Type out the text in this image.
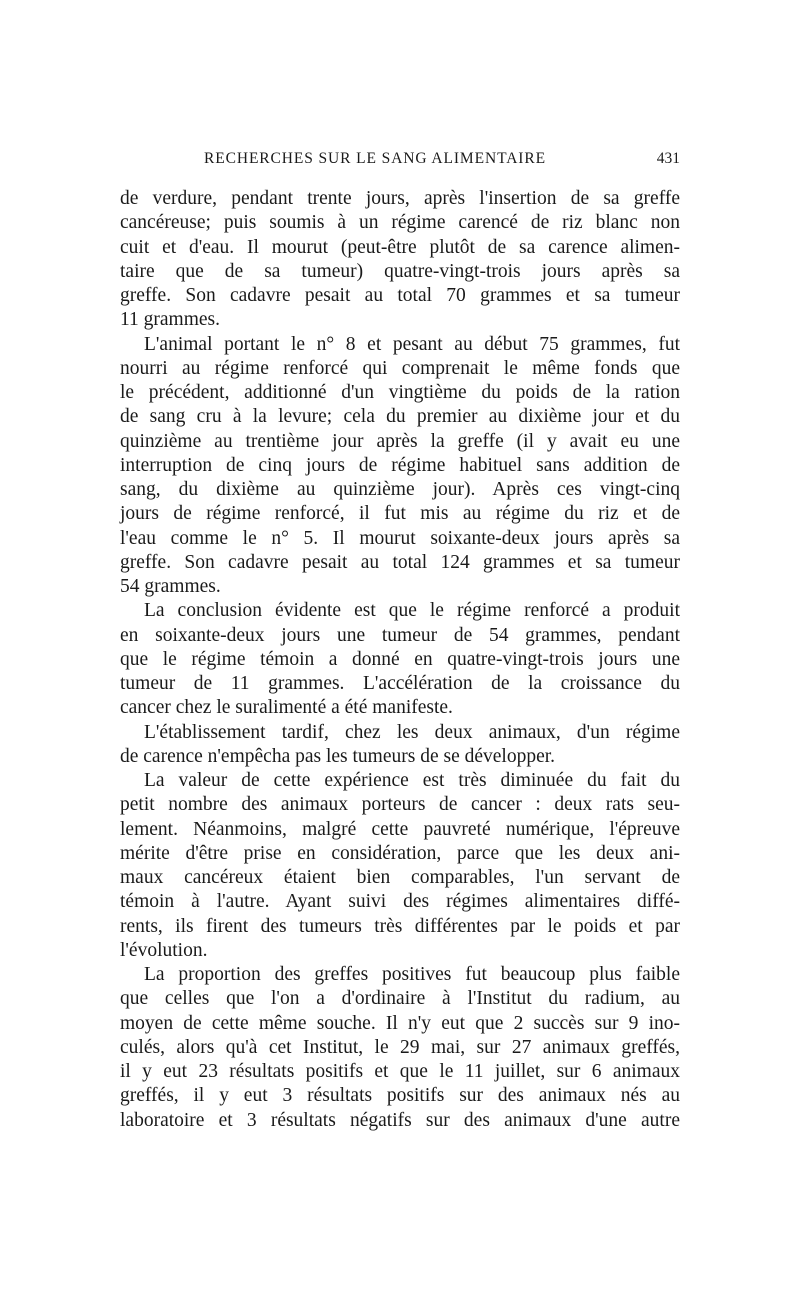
RECHERCHES SUR LE SANG ALIMENTAIRE	431
de verdure, pendant trente jours, après l'insertion de sa greffe
cancéreuse; puis soumis à un régime carencé de riz blanc non
cuit et d'eau. Il mourut (peut-être plutôt de sa carence alimen-
taire que de sa tumeur) quatre-vingt-trois jours après sa
greffe. Son cadavre pesait au total 70 grammes et sa tumeur
11 grammes.
L'animal portant le n° 8 et pesant au début 75 grammes, fut
nourri au régime renforcé qui comprenait le même fonds que
le précédent, additionné d'un vingtième du poids de la ration
de sang cru à la levure; cela du premier au dixième jour et du
quinzième au trentième jour après la greffe (il y avait eu une
interruption de cinq jours de régime habituel sans addition de
sang, du dixième au quinzième jour). Après ces vingt-cinq
jours de régime renforcé, il fut mis au régime du riz et de
l'eau comme le n° 5. Il mourut soixante-deux jours après sa
greffe. Son cadavre pesait au total 124 grammes et sa tumeur
54 grammes.
La conclusion évidente est que le régime renforcé a produit
en soixante-deux jours une tumeur de 54 grammes, pendant
que le régime témoin a donné en quatre-vingt-trois jours une
tumeur de 11 grammes. L'accélération de la croissance du
cancer chez le suralimenté a été manifeste.
L'établissement tardif, chez les deux animaux, d'un régime
de carence n'empêcha pas les tumeurs de se développer.
La valeur de cette expérience est très diminuée du fait du
petit nombre des animaux porteurs de cancer : deux rats seu-
lement. Néanmoins, malgré cette pauvreté numérique, l'épreuve
mérite d'être prise en considération, parce que les deux ani-
maux cancéreux étaient bien comparables, l'un servant de
témoin à l'autre. Ayant suivi des régimes alimentaires diffé-
rents, ils firent des tumeurs très différentes par le poids et par
l'évolution.
La proportion des greffes positives fut beaucoup plus faible
que celles que l'on a d'ordinaire à l'Institut du radium, au
moyen de cette même souche. Il n'y eut que 2 succès sur 9 ino-
culés, alors qu'à cet Institut, le 29 mai, sur 27 animaux greffés,
il y eut 23 résultats positifs et que le 11 juillet, sur 6 animaux
greffés, il y eut 3 résultats positifs sur des animaux nés au
laboratoire et 3 résultats négatifs sur des animaux d'une autre
